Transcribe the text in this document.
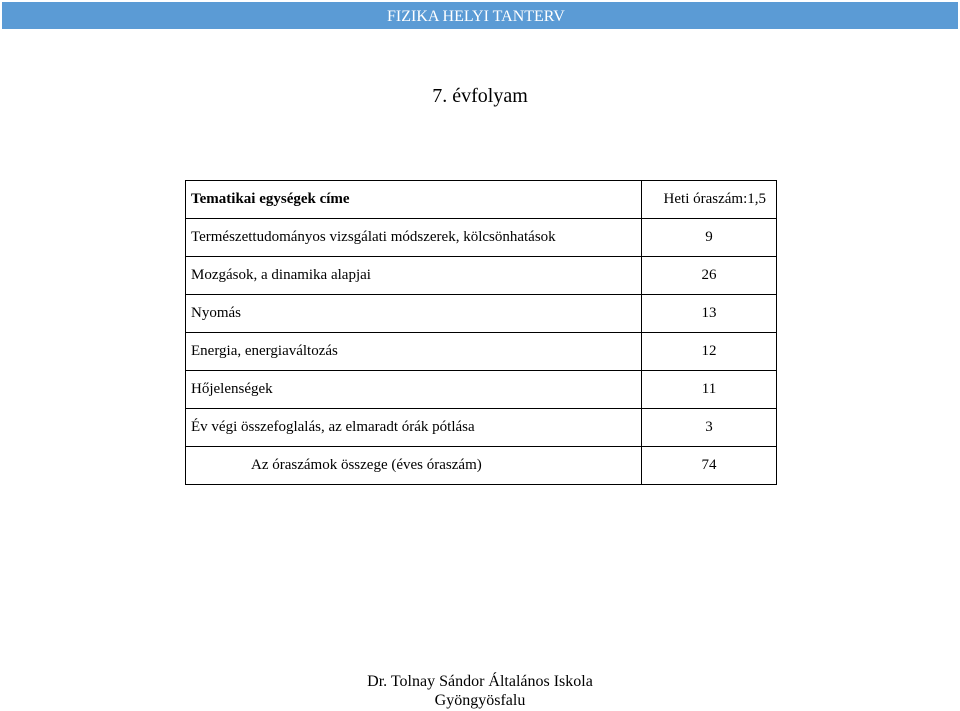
FIZIKA HELYI TANTERV
7. évfolyam
Tematikai egységek címe	Heti óraszám:1,5
Természettudományos vizsgálati módszerek, kölcsönhatások	9
Mozgások, a dinamika alapjai	26
Nyomás	13
Energia, energiaváltozás	12
Hőjelenségek	11
Év végi összefoglalás, az elmaradt órák pótlása	3
Az óraszámok összege (éves óraszám)	74
Dr. Tolnay Sándor Általános Iskola
Gyöngyösfalu
